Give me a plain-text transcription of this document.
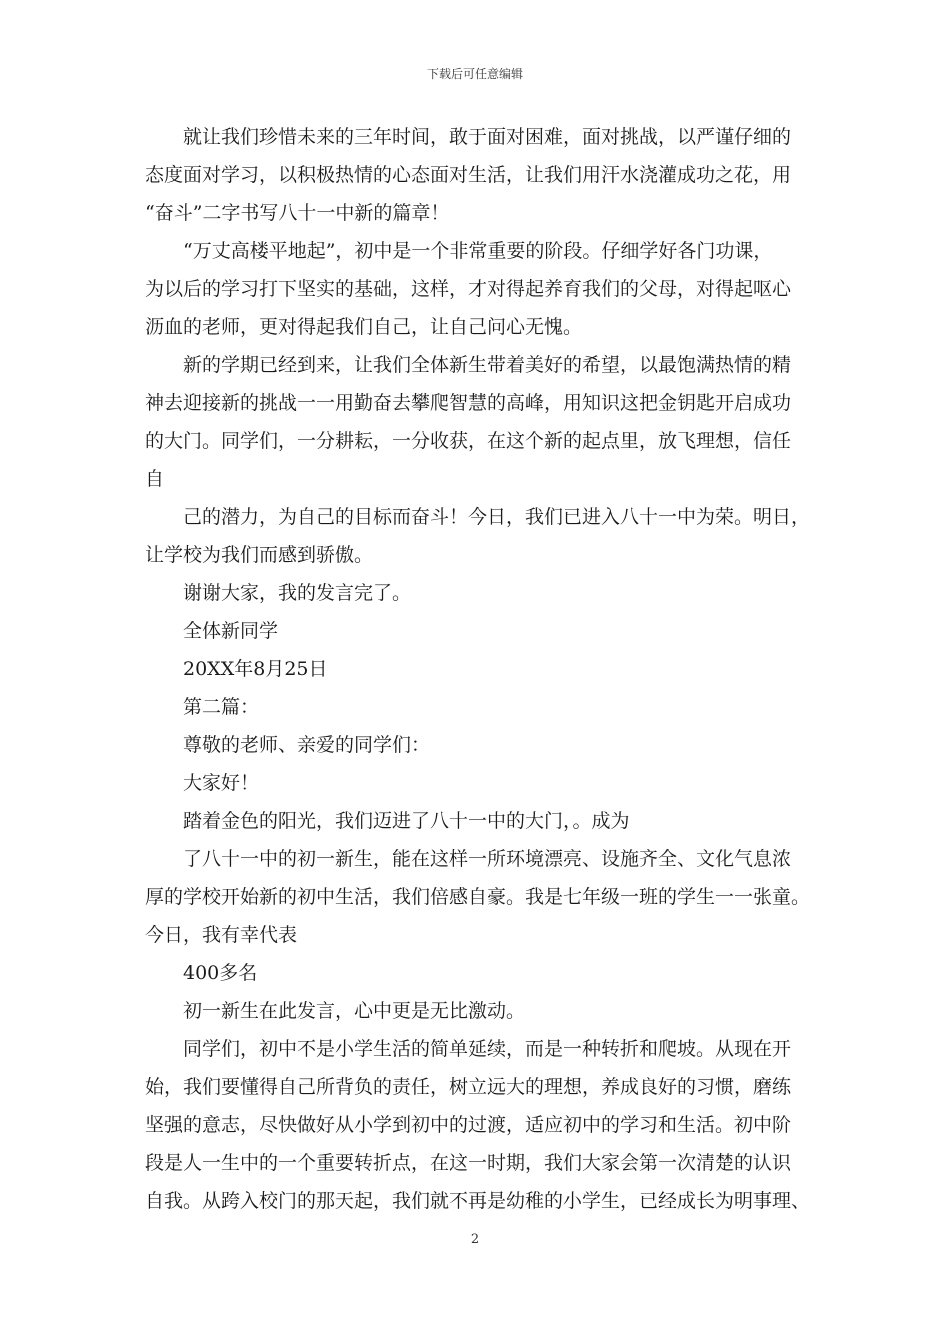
下载后可任意编辑
就让我们珍惜未来的三年时间，敢于面对困难，面对挑战，以严谨仔细的
态度面对学习，以积极热情的心态面对生活，让我们用汗水浇灌成功之花，用
“奋斗”二字书写八十一中新的篇章！
“万丈高楼平地起”，初中是一个非常重要的阶段。仔细学好各门功课，
为以后的学习打下坚实的基础，这样，才对得起养育我们的父母，对得起呕心
沥血的老师，更对得起我们自己，让自己问心无愧。
新的学期已经到来，让我们全体新生带着美好的希望，以最饱满热情的精
神去迎接新的挑战一一用勤奋去攀爬智慧的高峰，用知识这把金钥匙开启成功
的大门。同学们，一分耕耘，一分收获，在这个新的起点里，放飞理想，信任
自
己的潜力，为自己的目标而奋斗！今日，我们已进入八十一中为荣。明日，
让学校为我们而感到骄傲。
谢谢大家，我的发言完了。
全体新同学
20XX年8月25日
第二篇：
尊敬的老师、亲爱的同学们：
大家好！
踏着金色的阳光，我们迈进了八十一中的大门，。成为
了八十一中的初一新生，能在这样一所环境漂亮、设施齐全、文化气息浓
厚的学校开始新的初中生活，我们倍感自豪。我是七年级一班的学生一一张童。
今日，我有幸代表
400多名
初一新生在此发言，心中更是无比激动。
同学们，初中不是小学生活的简单延续，而是一种转折和爬坡。从现在开
始，我们要懂得自己所背负的责任，树立远大的理想，养成良好的习惯，磨练
坚强的意志，尽快做好从小学到初中的过渡，适应初中的学习和生活。初中阶
段是人一生中的一个重要转折点，在这一时期，我们大家会第一次清楚的认识
自我。从跨入校门的那天起，我们就不再是幼稚的小学生，已经成长为明事理、
2
